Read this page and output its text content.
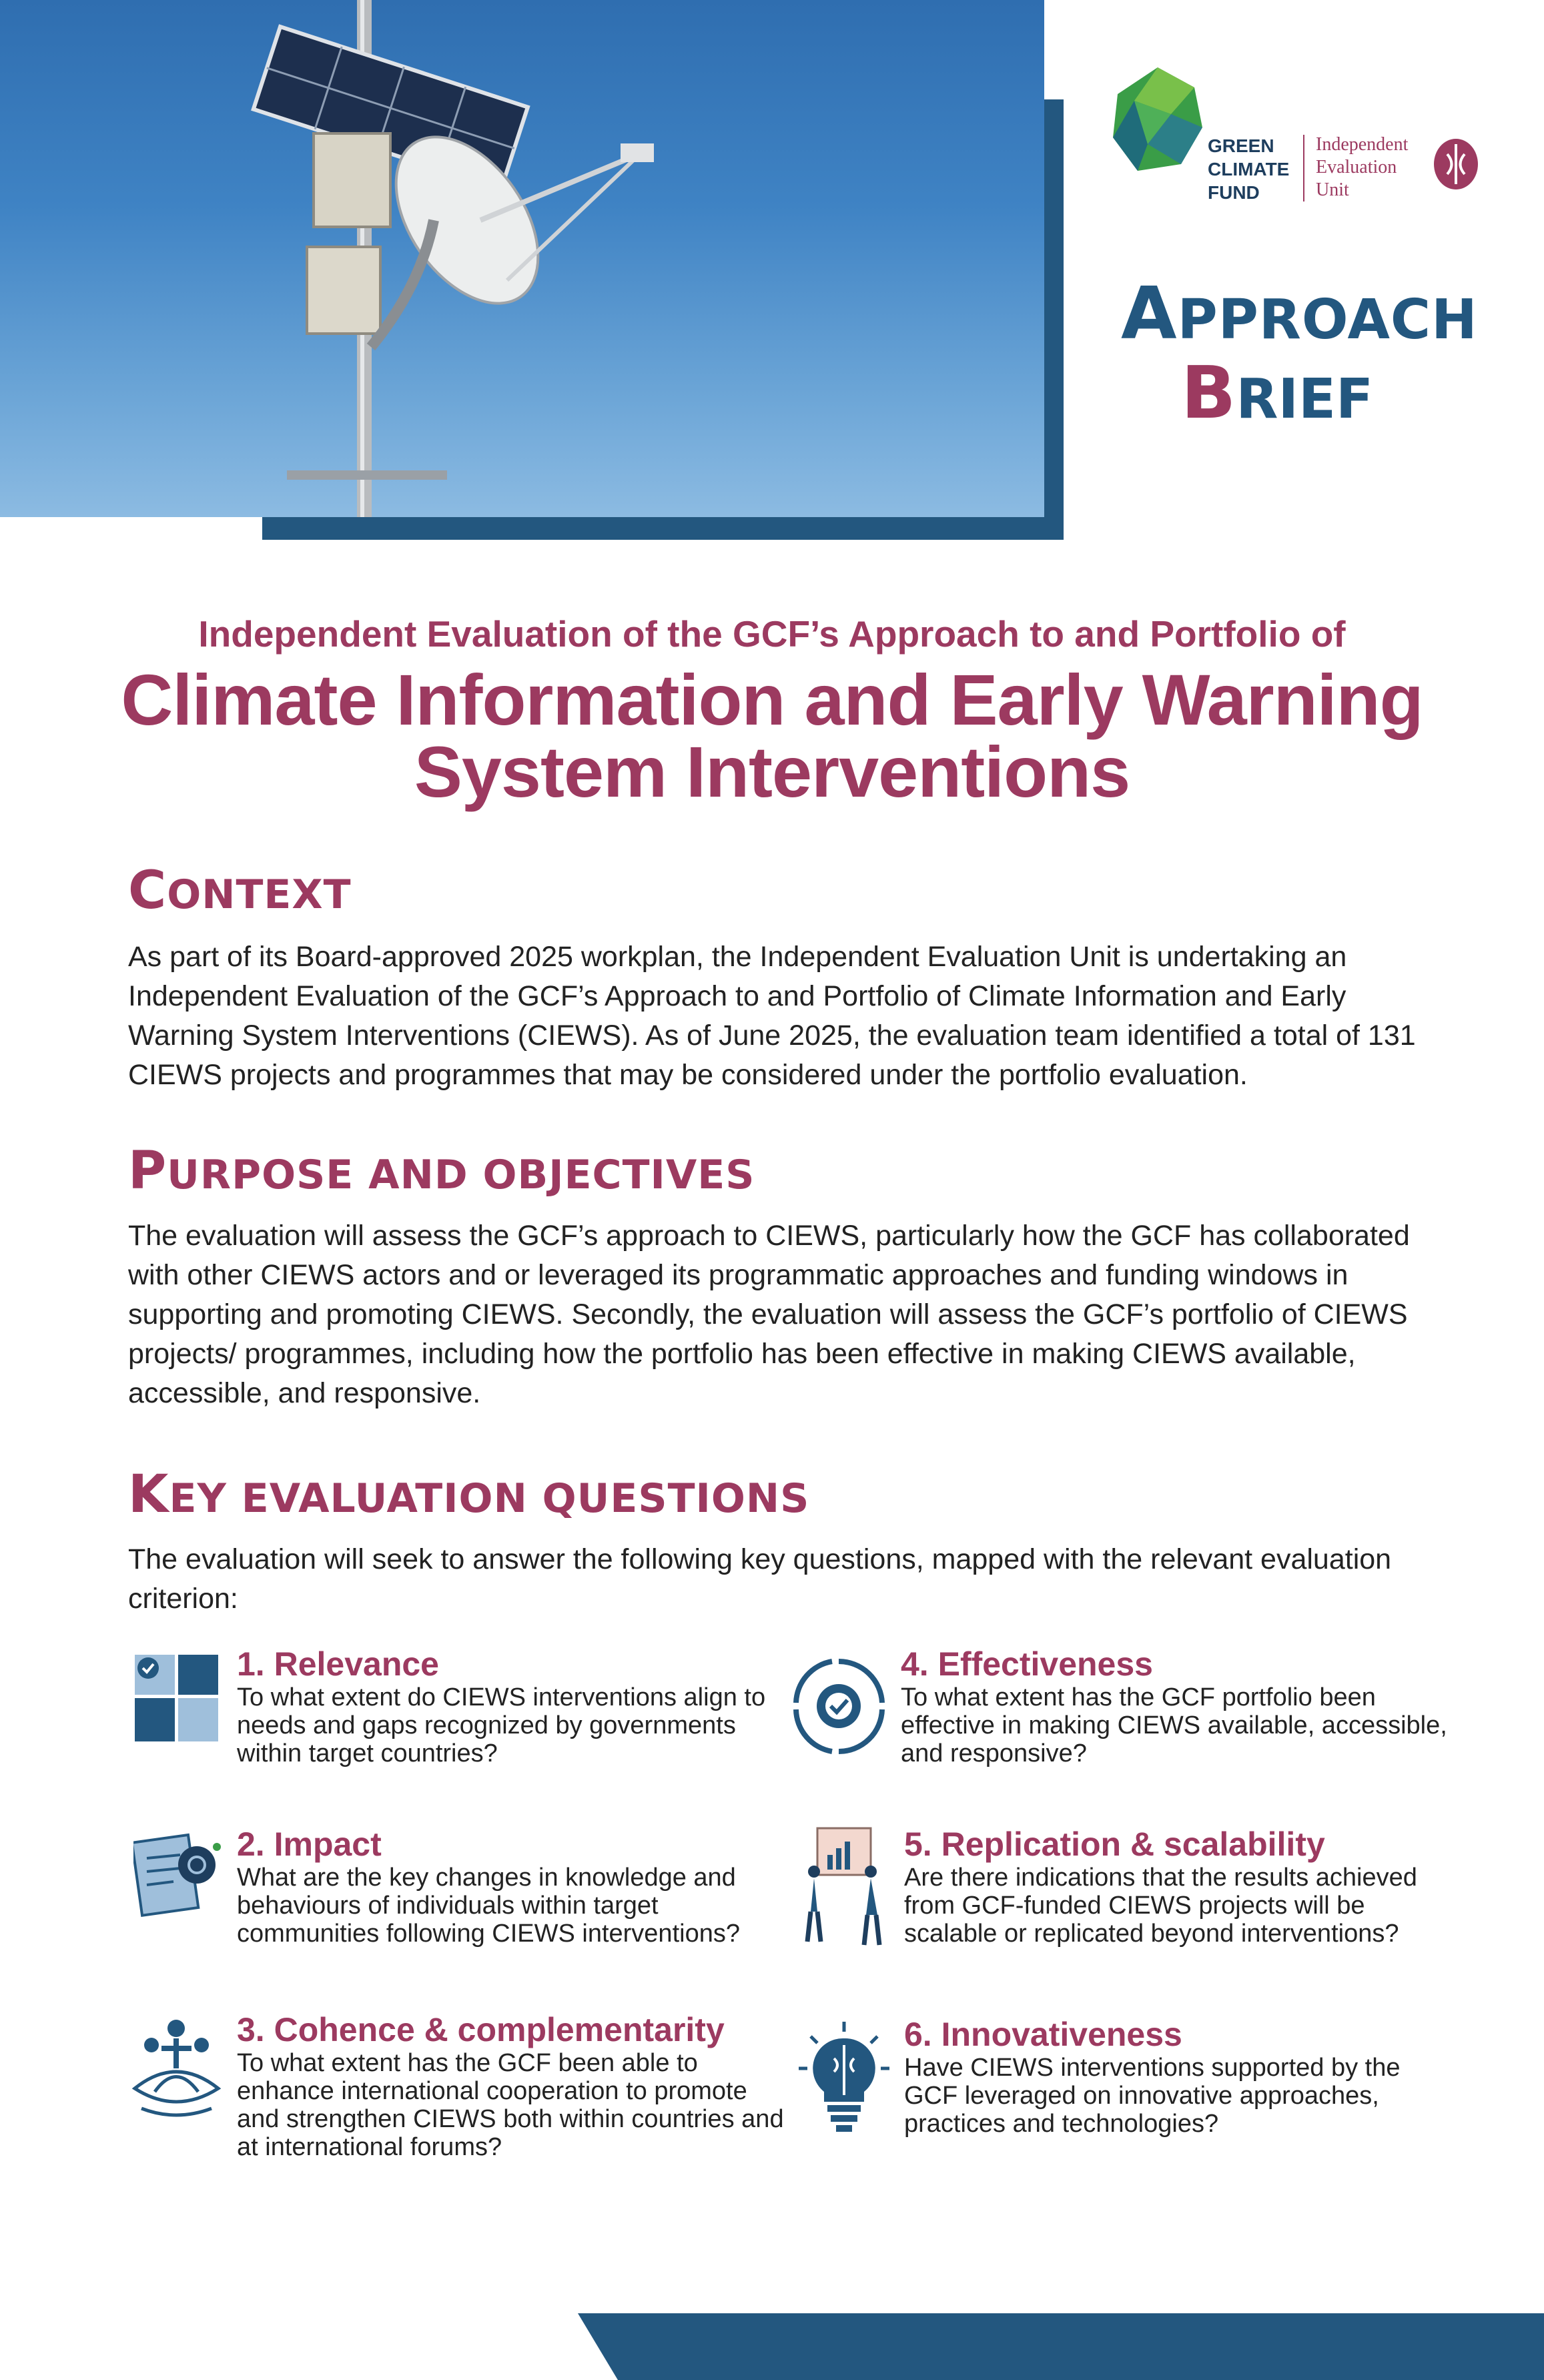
GREEN
CLIMATE
FUND
Independent
Evaluation
Unit
APPROACH
BRIEF
Independent Evaluation of the GCF’s Approach to and Portfolio of
Climate Information and Early Warning
System Interventions
CONTEXT
As part of its Board-approved 2025 workplan, the Independent Evaluation Unit is undertaking an Independent Evaluation of the GCF’s Approach to and Portfolio of Climate Information and Early Warning System Interventions (CIEWS). As of June 2025, the evaluation team identified a total of 131 CIEWS projects and programmes that may be considered under the portfolio evaluation.
PURPOSE AND OBJECTIVES
The evaluation will assess the GCF’s approach to CIEWS, particularly how the GCF has collaborated with other CIEWS actors and or leveraged its programmatic approaches and funding windows in supporting and promoting CIEWS. Secondly, the evaluation will assess the GCF’s portfolio of CIEWS projects/ programmes, including how the portfolio has been effective in making CIEWS available, accessible, and responsive.
KEY EVALUATION QUESTIONS
The evaluation will seek to answer the following key questions, mapped with the relevant evaluation criterion:
1. Relevance
To what extent do CIEWS interventions align to needs and gaps recognized by governments within target countries?
2. Impact
What are the key changes in knowledge and behaviours of individuals within target communities following CIEWS interventions?
3. Cohence & complementarity
To what extent has the GCF been able to enhance international cooperation to promote and strengthen CIEWS both within countries and at international forums?
4. Effectiveness
To what extent has the GCF portfolio been effective in making CIEWS available, accessible, and responsive?
5. Replication & scalability
Are there indications that the results achieved from GCF-funded CIEWS projects will be scalable or replicated beyond interventions?
6. Innovativeness
Have CIEWS interventions supported by the GCF leveraged on innovative approaches, practices and technologies?
